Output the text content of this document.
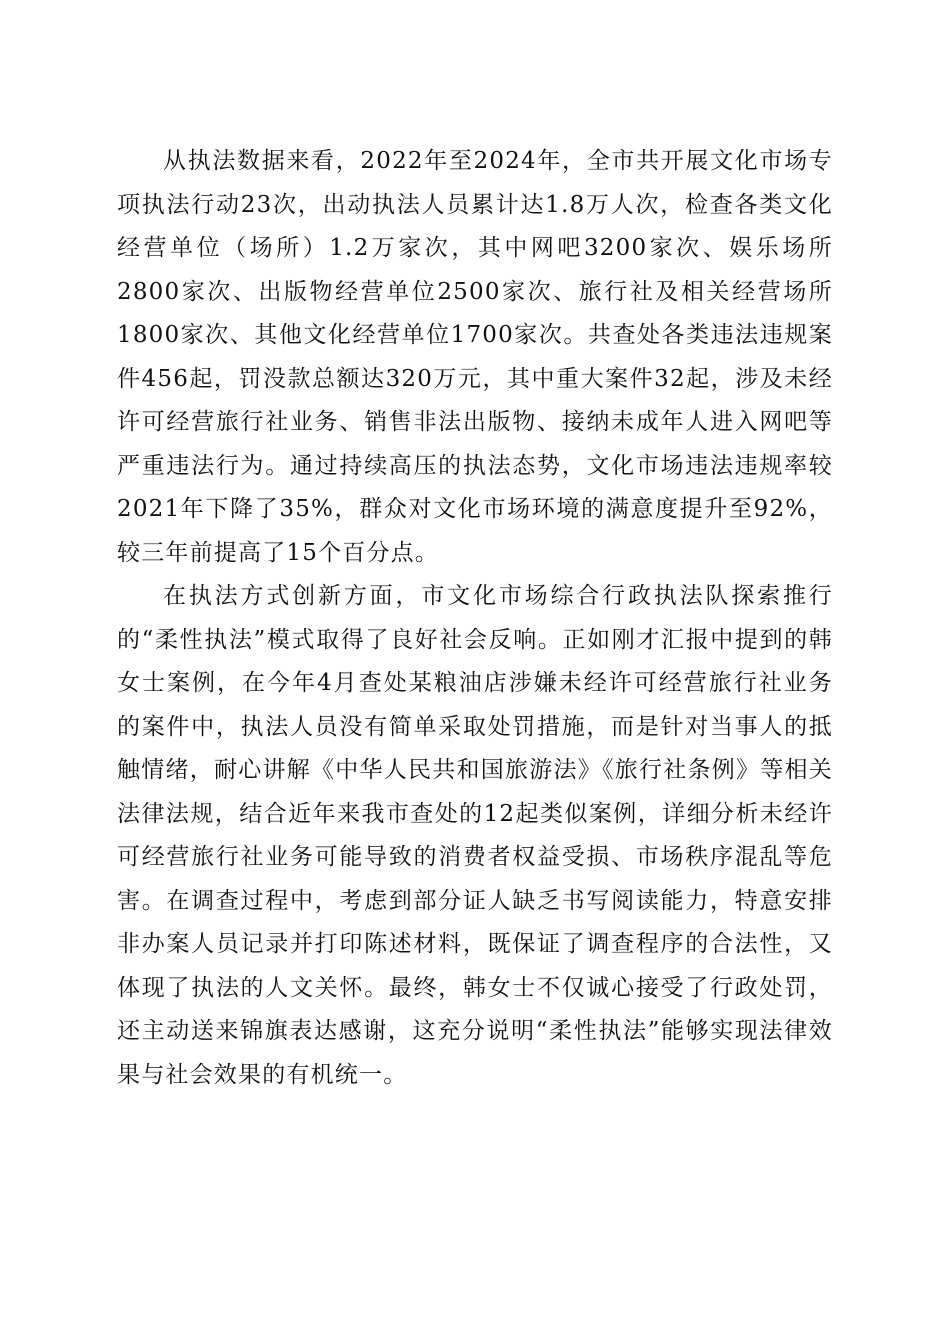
从执法数据来看，2022年至2024年，全市共开展文化市场专项执法行动23次，出动执法人员累计达1.8万人次，检查各类文化经营单位（场所）1.2万家次，其中网吧3200家次、娱乐场所2800家次、出版物经营单位2500家次、旅行社及相关经营场所1800家次、其他文化经营单位1700家次。共查处各类违法违规案件456起，罚没款总额达320万元，其中重大案件32起，涉及未经许可经营旅行社业务、销售非法出版物、接纳未成年人进入网吧等严重违法行为。通过持续高压的执法态势，文化市场违法违规率较2021年下降了35%，群众对文化市场环境的满意度提升至92%，较三年前提高了15个百分点。

在执法方式创新方面，市文化市场综合行政执法队探索推行的“柔性执法”模式取得了良好社会反响。正如刚才汇报中提到的韩女士案例，在今年4月查处某粮油店涉嫌未经许可经营旅行社业务的案件中，执法人员没有简单采取处罚措施，而是针对当事人的抵触情绪，耐心讲解《中华人民共和国旅游法》《旅行社条例》等相关法律法规，结合近年来我市查处的12起类似案例，详细分析未经许可经营旅行社业务可能导致的消费者权益受损、市场秩序混乱等危害。在调查过程中，考虑到部分证人缺乏书写阅读能力，特意安排非办案人员记录并打印陈述材料，既保证了调查程序的合法性，又体现了执法的人文关怀。最终，韩女士不仅诚心接受了行政处罚，还主动送来锦旗表达感谢，这充分说明“柔性执法”能够实现法律效果与社会效果的有机统一。
